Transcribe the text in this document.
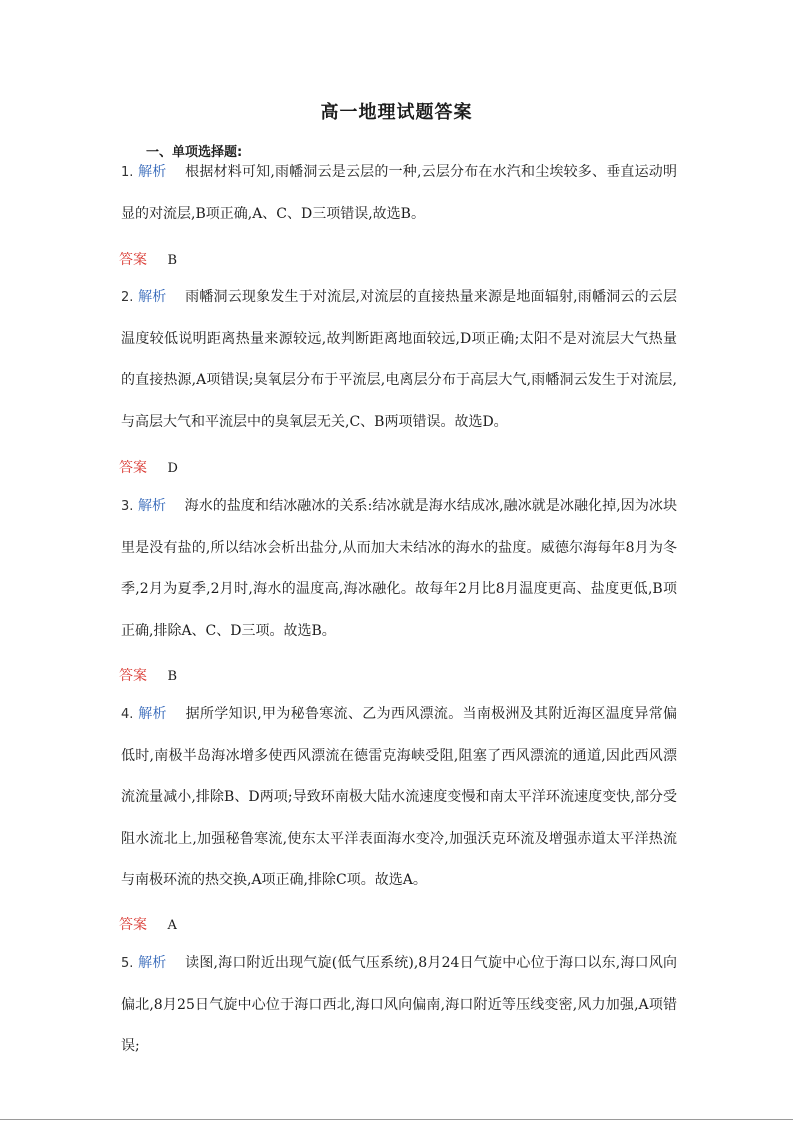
高一地理试题答案
一、单项选择题:
1. 解析 根据材料可知,雨幡洞云是云层的一种,云层分布在水汽和尘埃较多、垂直运动明显的对流层,B项正确,A、C、D三项错误,故选B。
答案 B
2. 解析 雨幡洞云现象发生于对流层,对流层的直接热量来源是地面辐射,雨幡洞云的云层温度较低说明距离热量来源较远,故判断距离地面较远,D项正确;太阳不是对流层大气热量的直接热源,A项错误;臭氧层分布于平流层,电离层分布于高层大气,雨幡洞云发生于对流层,与高层大气和平流层中的臭氧层无关,C、B两项错误。故选D。
答案 D
3. 解析 海水的盐度和结冰融冰的关系:结冰就是海水结成冰,融冰就是冰融化掉,因为冰块里是没有盐的,所以结冰会析出盐分,从而加大未结冰的海水的盐度。威德尔海每年8月为冬季,2月为夏季,2月时,海水的温度高,海冰融化。故每年2月比8月温度更高、盐度更低,B项正确,排除A、C、D三项。故选B。
答案 B
4. 解析 据所学知识,甲为秘鲁寒流、乙为西风漂流。当南极洲及其附近海区温度异常偏低时,南极半岛海冰增多使西风漂流在德雷克海峡受阻,阻塞了西风漂流的通道,因此西风漂流流量减小,排除B、D两项;导致环南极大陆水流速度变慢和南太平洋环流速度变快,部分受阻水流北上,加强秘鲁寒流,使东太平洋表面海水变冷,加强沃克环流及增强赤道太平洋热流与南极环流的热交换,A项正确,排除C项。故选A。
答案 A
5. 解析 读图,海口附近出现气旋(低气压系统),8月24日气旋中心位于海口以东,海口风向偏北,8月25日气旋中心位于海口西北,海口风向偏南,海口附近等压线变密,风力加强,A项错误;
